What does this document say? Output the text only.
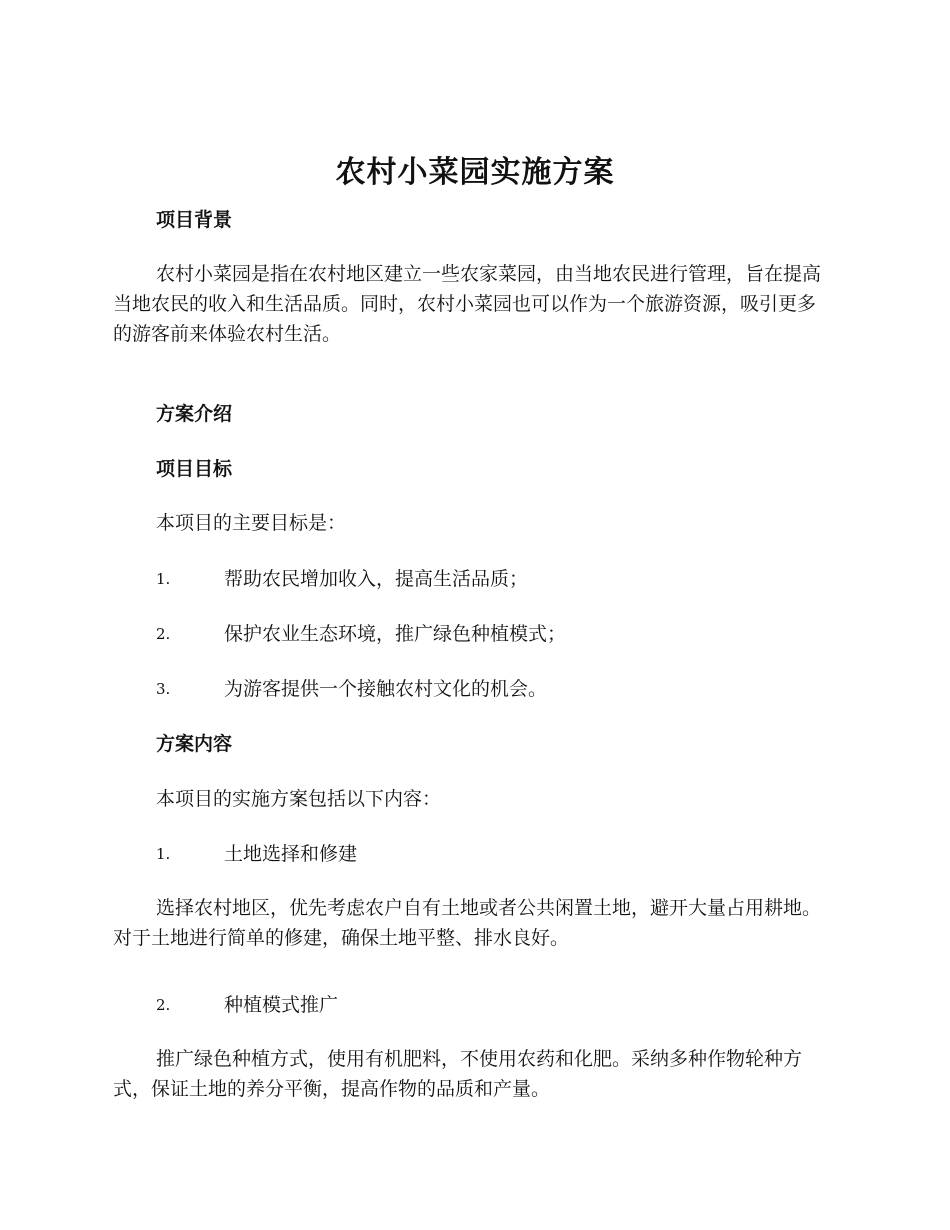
农村小菜园实施方案
项目背景
农村小菜园是指在农村地区建立一些农家菜园，由当地农民进行管理，旨在提高当地农民的收入和生活品质。同时，农村小菜园也可以作为一个旅游资源，吸引更多的游客前来体验农村生活。
方案介绍
项目目标
本项目的主要目标是：
1.	帮助农民增加收入，提高生活品质；
2.	保护农业生态环境，推广绿色种植模式；
3.	为游客提供一个接触农村文化的机会。
方案内容
本项目的实施方案包括以下内容：
1.	土地选择和修建
选择农村地区，优先考虑农户自有土地或者公共闲置土地，避开大量占用耕地。对于土地进行简单的修建，确保土地平整、排水良好。
2.	种植模式推广
推广绿色种植方式，使用有机肥料，不使用农药和化肥。采纳多种作物轮种方式，保证土地的养分平衡，提高作物的品质和产量。
